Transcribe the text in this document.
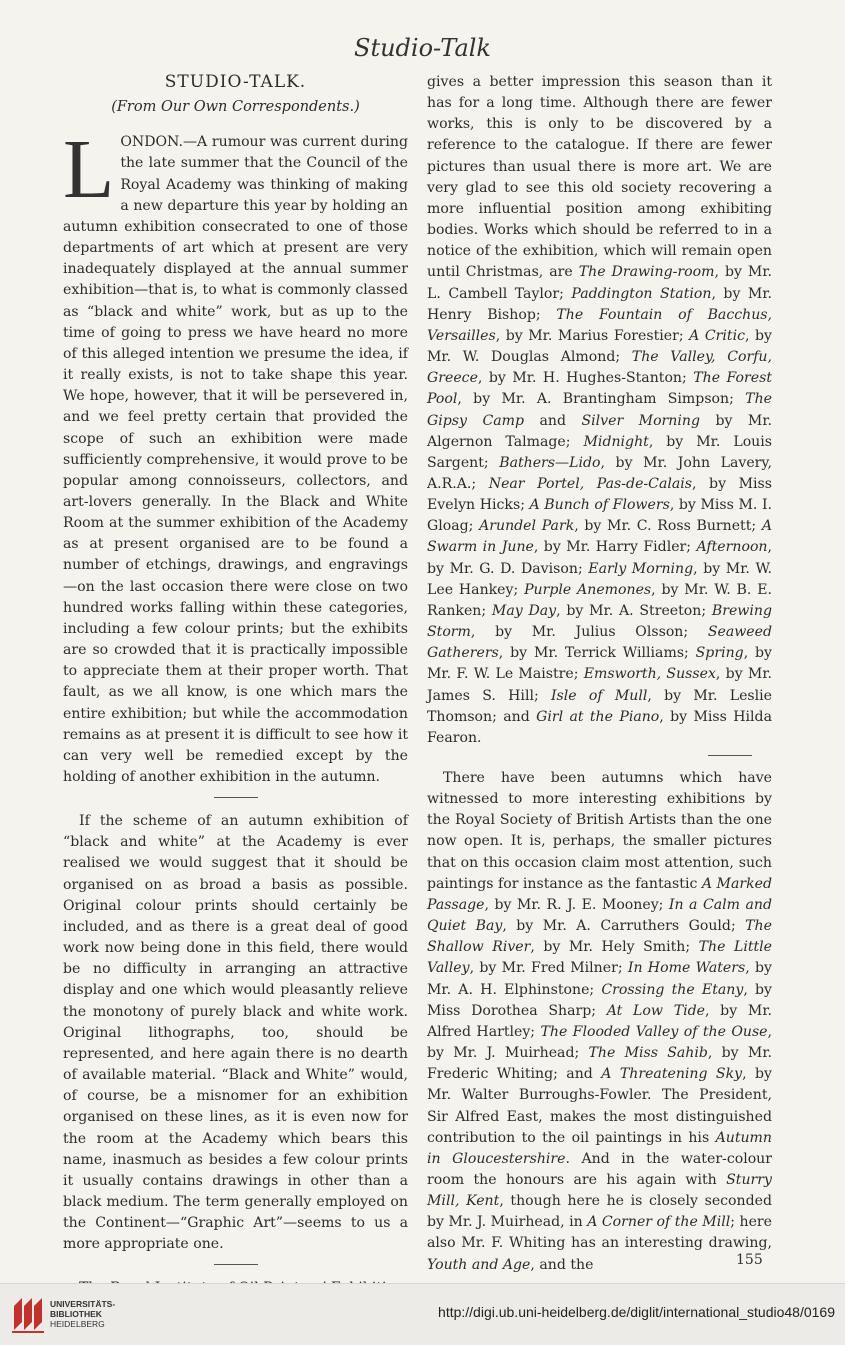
Studio-Talk
STUDIO-TALK.
(From Our Own Correspondents.)

LONDON.—A rumour was current during the late summer that the Council of the Royal Academy was thinking of making a new departure this year by holding an autumn exhibition consecrated to one of those departments of art which at present are very inadequately displayed at the annual summer exhibition—that is, to what is commonly classed as “black and white” work, but as up to the time of going to press we have heard no more of this alleged intention we presume the idea, if it really exists, is not to take shape this year. We hope, however, that it will be persevered in, and we feel pretty certain that provided the scope of such an exhibition were made sufficiently comprehensive, it would prove to be popular among connoisseurs, collectors, and art-lovers generally. In the Black and White Room at the summer exhibition of the Academy as at present organised are to be found a number of etchings, drawings, and engravings—on the last occasion there were close on two hundred works falling within these categories, including a few colour prints; but the exhibits are so crowded that it is practically impossible to appreciate them at their proper worth. That fault, as we all know, is one which mars the entire exhibition; but while the accommodation remains as at present it is difficult to see how it can very well be remedied except by the holding of another exhibition in the autumn.

If the scheme of an autumn exhibition of “black and white” at the Academy is ever realised we would suggest that it should be organised on as broad a basis as possible. Original colour prints should certainly be included, and as there is a great deal of good work now being done in this field, there would be no difficulty in arranging an attractive display and one which would pleasantly relieve the monotony of purely black and white work. Original lithographs, too, should be represented, and here again there is no dearth of available material. “Black and White” would, of course, be a misnomer for an exhibition organised on these lines, as it is even now for the room at the Academy which bears this name, inasmuch as besides a few colour prints it usually contains drawings in other than a black medium. The term generally employed on the Continent—“Graphic Art”—seems to us a more appropriate one.

gives a better impression this season than it has for a long time. Although there are fewer works, this is only to be discovered by a reference to the catalogue. If there are fewer pictures than usual there is more art. We are very glad to see this old society recovering a more influential position among exhibiting bodies. Works which should be referred to in a notice of the exhibition, which will remain open until Christmas, are The Drawing-room, by Mr. L. Cambell Taylor; Paddington Station, by Mr. Henry Bishop; The Fountain of Bacchus, Versailles, by Mr. Marius Forestier; A Critic, by Mr. W. Douglas Almond; The Valley, Corfu, Greece, by Mr. H. Hughes-Stanton; The Forest Pool, by Mr. A. Brantingham Simpson; The Gipsy Camp and Silver Morning by Mr. Algernon Talmage; Midnight, by Mr. Louis Sargent; Bathers—Lido, by Mr. John Lavery, A.R.A.; Near Portel, Pas-de-Calais, by Miss Evelyn Hicks; A Bunch of Flowers, by Miss M. I. Gloag; Arundel Park, by Mr. C. Ross Burnett; A Swarm in June, by Mr. Harry Fidler; Afternoon, by Mr. G. D. Davison; Early Morning, by Mr. W. Lee Hankey; Purple Anemones, by Mr. W. B. E. Ranken; May Day, by Mr. A. Streeton; Brewing Storm, by Mr. Julius Olsson; Seaweed Gatherers, by Mr. Terrick Williams; Spring, by Mr. F. W. Le Maistre; Emsworth, Sussex, by Mr. James S. Hill; Isle of Mull, by Mr. Leslie Thomson; and Girl at the Piano, by Miss Hilda Fearon.

There have been autumns which have witnessed to more interesting exhibitions by the Royal Society of British Artists than the one now open. It is, perhaps, the smaller pictures that on this occasion claim most attention, such paintings for instance as the fantastic A Marked Passage, by Mr. R. J. E. Mooney; In a Calm and Quiet Bay, by Mr. A. Carruthers Gould; The Shallow River, by Mr. Hely Smith; The Little Valley, by Mr. Fred Milner; In Home Waters, by Mr. A. H. Elphinstone; Crossing the Etany, by Miss Dorothea Sharp; At Low Tide, by Mr. Alfred Hartley; The Flooded Valley of the Ouse, by Mr. J. Muirhead; The Miss Sahib, by Mr. Frederic Whiting; and A Threatening Sky, by Mr. Walter Burroughs-Fowler. The President, Sir Alfred East, makes the most distinguished contribution to the oil paintings in his Autumn in Gloucestershire. And in the water-colour room the honours are his again with Sturry Mill, Kent, though here he is closely seconded by Mr. J. Muirhead, in A Corner of the Mill; here also Mr. F. Whiting has an interesting drawing, Youth and Age, and the	155
UNIVERSITÄTS-
BIBLIOTHEK
HEIDELBERG
http://digi.ub.uni-heidelberg.de/diglit/international_studio48/0169
